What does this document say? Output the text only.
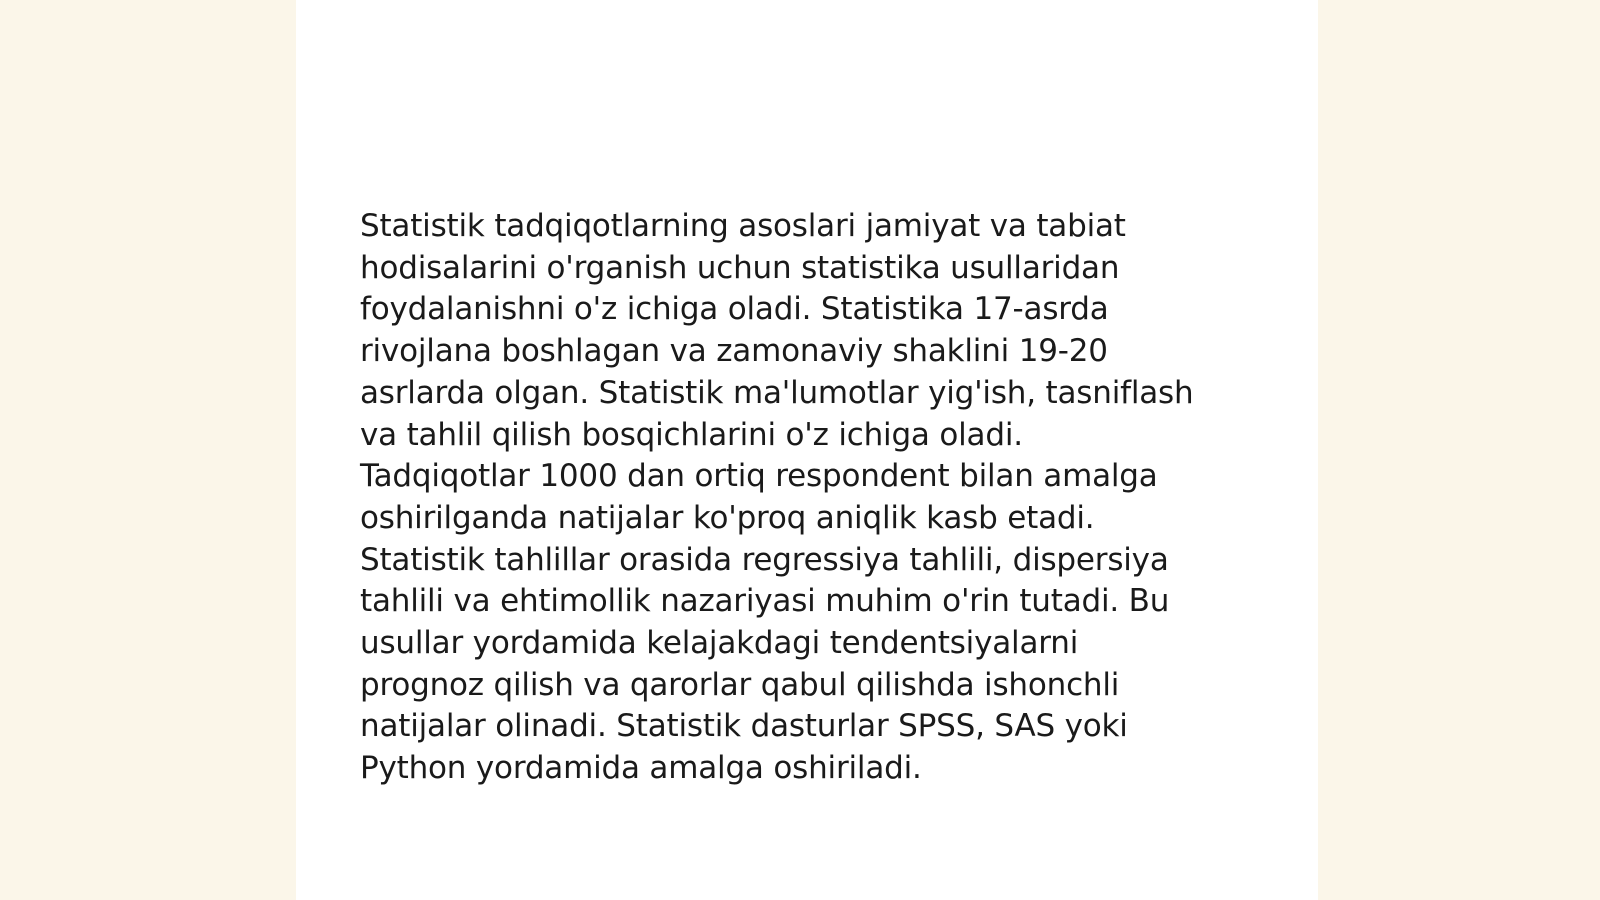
Statistik tadqiqotlarning asoslari jamiyat va tabiat
hodisalarini o'rganish uchun statistika usullaridan
foydalanishni o'z ichiga oladi. Statistika 17-asrda
rivojlana boshlagan va zamonaviy shaklini 19-20
asrlarda olgan. Statistik ma'lumotlar yig'ish, tasniflash
va tahlil qilish bosqichlarini o'z ichiga oladi.
Tadqiqotlar 1000 dan ortiq respondent bilan amalga
oshirilganda natijalar ko'proq aniqlik kasb etadi.
Statistik tahlillar orasida regressiya tahlili, dispersiya
tahlili va ehtimollik nazariyasi muhim o'rin tutadi. Bu
usullar yordamida kelajakdagi tendentsiyalarni
prognoz qilish va qarorlar qabul qilishda ishonchli
natijalar olinadi. Statistik dasturlar SPSS, SAS yoki
Python yordamida amalga oshiriladi.
